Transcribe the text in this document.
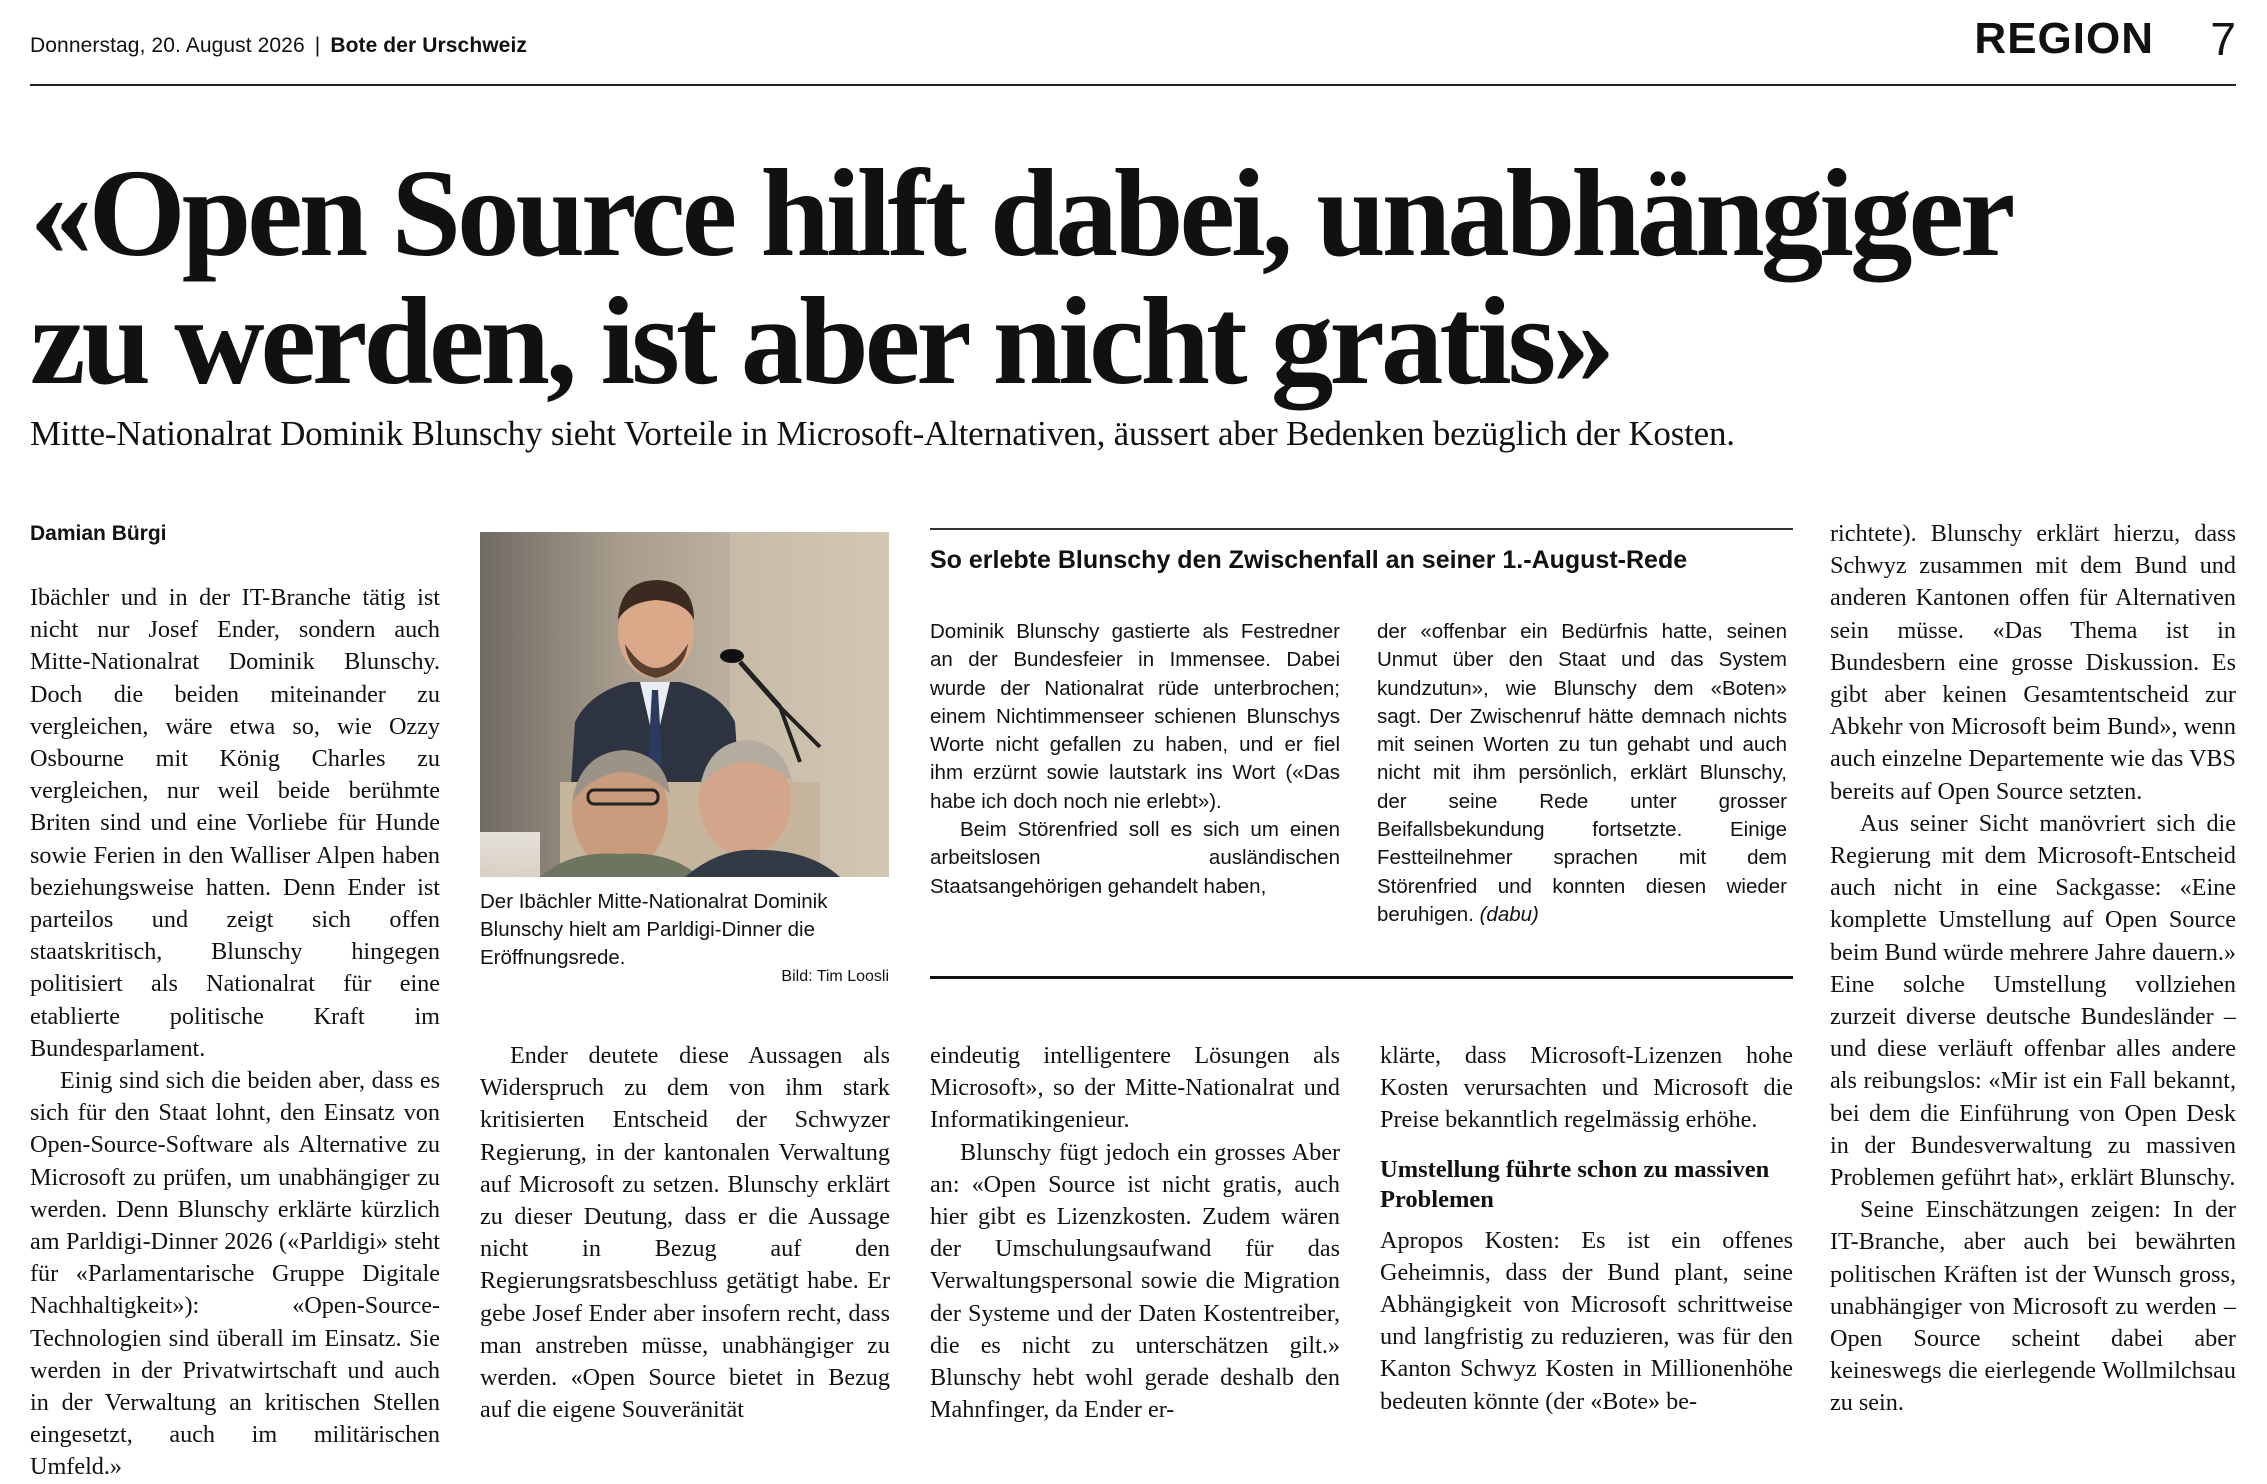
Donnerstag, 20. August 2026 | Bote der Urschweiz	REGION 7
«Open Source hilft dabei, unabhängiger
zu werden, ist aber nicht gratis»

Mitte-Nationalrat Dominik Blunschy sieht Vorteile in Microsoft-Alternativen, äussert aber Bedenken bezüglich der Kosten.

Damian Bürgi

Ibächler und in der IT-Branche tätig ist nicht nur Josef Ender, sondern auch Mitte-Nationalrat Dominik Blunschy. Doch die beiden miteinander zu vergleichen, wäre etwa so, wie Ozzy Osbourne mit König Charles zu vergleichen, nur weil beide berühmte Briten sind und eine Vorliebe für Hunde sowie Ferien in den Walliser Alpen haben beziehungsweise hatten. Denn Ender ist parteilos und zeigt sich offen staatskritisch, Blunschy hingegen politisiert als Nationalrat für eine etablierte politische Kraft im Bundesparlament.

Einig sind sich die beiden aber, dass es sich für den Staat lohnt, den Einsatz von Open-Source-Software als Alternative zu Microsoft zu prüfen, um unabhängiger zu werden. Denn Blunschy erklärte kürzlich am Parldigi-Dinner 2026 («Parldigi» steht für «Parlamentarische Gruppe Digitale Nachhaltigkeit»): «Open-Source-Technologien sind überall im Einsatz. Sie werden in der Privatwirtschaft und auch in der Verwaltung an kritischen Stellen eingesetzt, auch im militärischen Umfeld.»

Der Ibächler Mitte-Nationalrat Dominik Blunschy hielt am Parldigi-Dinner die Eröffnungsrede.
Bild: Tim Loosli

Ender deutete diese Aussagen als Widerspruch zu dem von ihm stark kritisierten Entscheid der Schwyzer Regierung, in der kantonalen Verwaltung auf Microsoft zu setzen. Blunschy erklärt zu dieser Deutung, dass er die Aussage nicht in Bezug auf den Regierungsratsbeschluss getätigt habe. Er gebe Josef Ender aber insofern recht, dass man anstreben müsse, unabhängiger zu werden. «Open Source bietet in Bezug auf die eigene Souveränität

So erlebte Blunschy den Zwischenfall an seiner 1.-August-Rede

Dominik Blunschy gastierte als Festredner an der Bundesfeier in Immensee. Dabei wurde der Nationalrat rüde unterbrochen; einem Nichtimmenseer schienen Blunschys Worte nicht gefallen zu haben, und er fiel ihm erzürnt sowie lautstark ins Wort («Das habe ich doch noch nie erlebt»).

Beim Störenfried soll es sich um einen arbeitslosen ausländischen Staatsangehörigen gehandelt haben,

der «offenbar ein Bedürfnis hatte, seinen Unmut über den Staat und das System kundzutun», wie Blunschy dem «Boten» sagt. Der Zwischenruf hätte demnach nichts mit seinen Worten zu tun gehabt und auch nicht mit ihm persönlich, erklärt Blunschy, der seine Rede unter grosser Beifallsbekundung fortsetzte. Einige Festteilnehmer sprachen mit dem Störenfried und konnten diesen wieder beruhigen. (dabu)

eindeutig intelligentere Lösungen als Microsoft», so der Mitte-Nationalrat und Informatikingenieur.

Blunschy fügt jedoch ein grosses Aber an: «Open Source ist nicht gratis, auch hier gibt es Lizenzkosten. Zudem wären der Umschulungsaufwand für das Verwaltungspersonal sowie die Migration der Systeme und der Daten Kostentreiber, die es nicht zu unterschätzen gilt.» Blunschy hebt wohl gerade deshalb den Mahnfinger, da Ender er-

klärte, dass Microsoft-Lizenzen hohe Kosten verursachten und Microsoft die Preise bekanntlich regelmässig erhöhe.

Umstellung führte schon zu massiven Problemen

Apropos Kosten: Es ist ein offenes Geheimnis, dass der Bund plant, seine Abhängigkeit von Microsoft schrittweise und langfristig zu reduzieren, was für den Kanton Schwyz Kosten in Millionenhöhe bedeuten könnte (der «Bote» be-

richtete). Blunschy erklärt hierzu, dass Schwyz zusammen mit dem Bund und anderen Kantonen offen für Alternativen sein müsse. «Das Thema ist in Bundesbern eine grosse Diskussion. Es gibt aber keinen Gesamtentscheid zur Abkehr von Microsoft beim Bund», wenn auch einzelne Departemente wie das VBS bereits auf Open Source setzten.

Aus seiner Sicht manövriert sich die Regierung mit dem Microsoft-Entscheid auch nicht in eine Sackgasse: «Eine komplette Umstellung auf Open Source beim Bund würde mehrere Jahre dauern.» Eine solche Umstellung vollziehen zurzeit diverse deutsche Bundesländer – und diese verläuft offenbar alles andere als reibungslos: «Mir ist ein Fall bekannt, bei dem die Einführung von Open Desk in der Bundesverwaltung zu massiven Problemen geführt hat», erklärt Blunschy.

Seine Einschätzungen zeigen: In der IT-Branche, aber auch bei bewährten politischen Kräften ist der Wunsch gross, unabhängiger von Microsoft zu werden – Open Source scheint dabei aber keineswegs die eierlegende Wollmilchsau zu sein.
